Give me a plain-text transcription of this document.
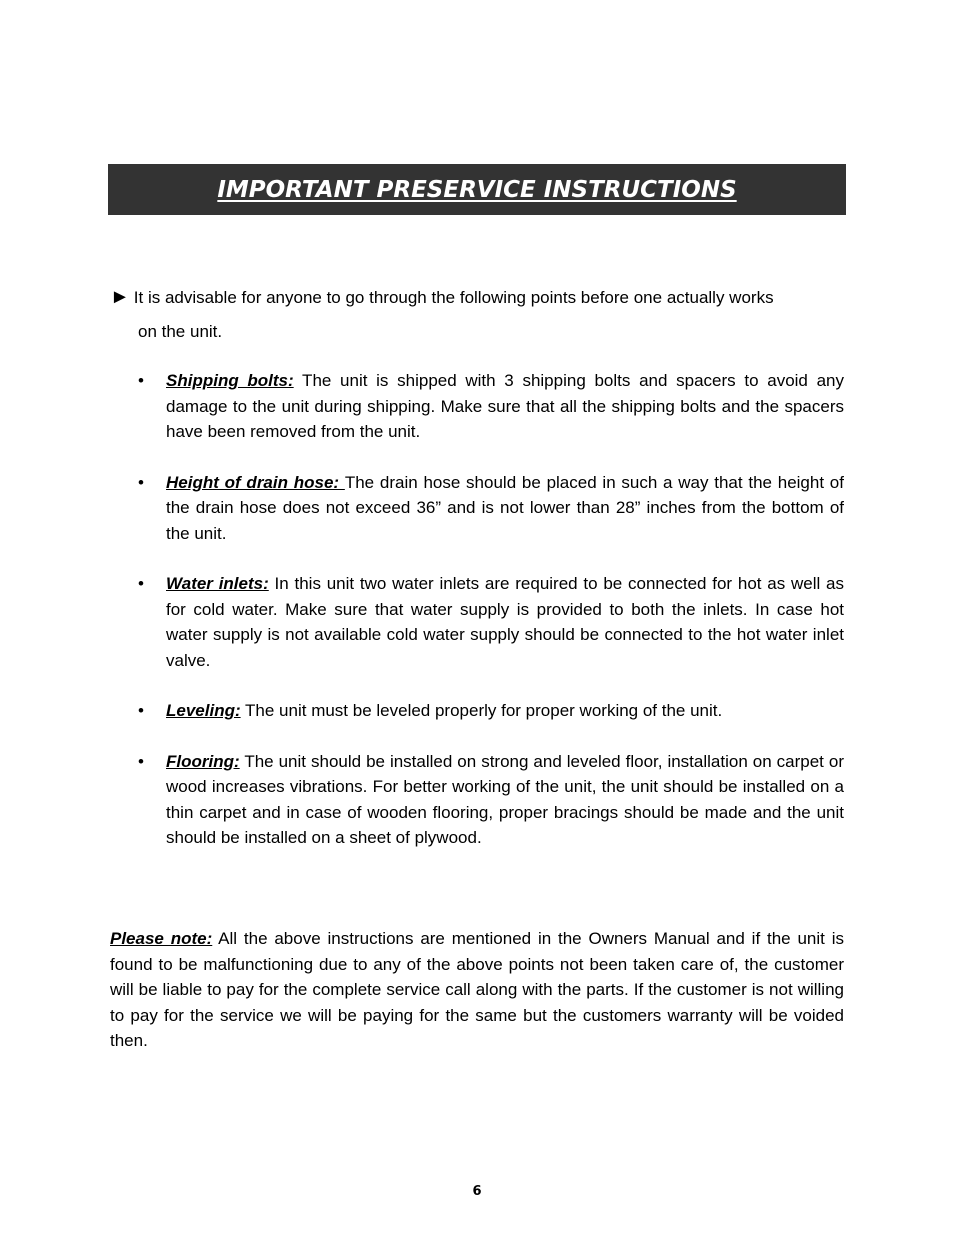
IMPORTANT PRESERVICE INSTRUCTIONS
► It is advisable for anyone to go through the following points before one actually works
on the unit.
• Shipping bolts: The unit is shipped with 3 shipping bolts and spacers to avoid any damage to the unit during shipping. Make sure that all the shipping bolts and the spacers have been removed from the unit.
• Height of drain hose: The drain hose should be placed in such a way that the height of the drain hose does not exceed 36” and is not lower than 28” inches from the bottom of the unit.
• Water inlets: In this unit two water inlets are required to be connected for hot as well as for cold water. Make sure that water supply is provided to both the inlets. In case hot water supply is not available cold water supply should be connected to the hot water inlet valve.
• Leveling: The unit must be leveled properly for proper working of the unit.
• Flooring: The unit should be installed on strong and leveled floor, installation on carpet or wood increases vibrations. For better working of the unit, the unit should be installed on a thin carpet and in case of wooden flooring, proper bracings should be made and the unit should be installed on a sheet of plywood.
Please note: All the above instructions are mentioned in the Owners Manual and if the unit is found to be malfunctioning due to any of the above points not been taken care of, the customer will be liable to pay for the complete service call along with the parts. If the customer is not willing to pay for the service we will be paying for the same but the customers warranty will be voided then.
6
